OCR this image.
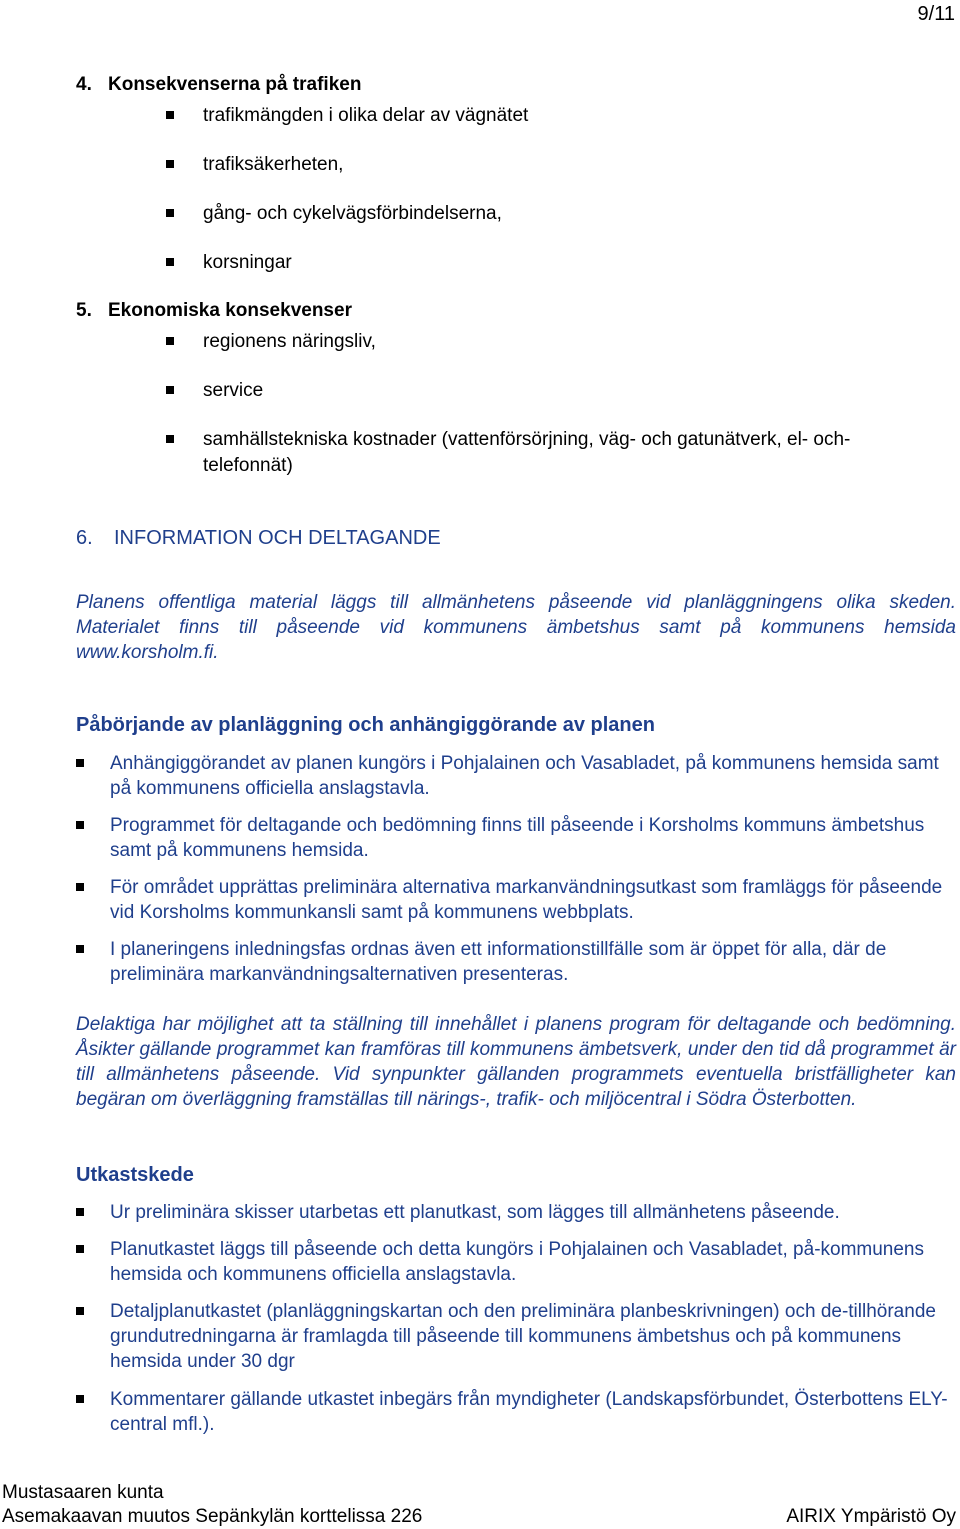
9/11
4. Konsekvenserna på trafiken
trafikmängden i olika delar av vägnätet
trafiksäkerheten,
gång- och cykelvägsförbindelserna,
korsningar
5. Ekonomiska konsekvenser
regionens näringsliv,
service
samhällstekniska kostnader (vattenförsörjning, väg- och gatunätverk, el- och-
telefonnät)
6. INFORMATION OCH DELTAGANDE

Planens offentliga material läggs till allmänhetens påseende vid planläggningens olika skeden. Materialet finns till påseende vid kommunens ämbetshus samt på kommunens hemsida www.korsholm.fi.

Påbörjande av planläggning och anhängiggörande av planen
Anhängiggörandet av planen kungörs i Pohjalainen och Vasabladet, på kommunens hemsida samt på kommunens officiella anslagstavla.
Programmet för deltagande och bedömning finns till påseende i Korsholms kommuns ämbetshus samt på kommunens hemsida.
För området upprättas preliminära alternativa markanvändningsutkast som framläggs för påseende vid Korsholms kommunkansli samt på kommunens webbplats.
I planeringens inledningsfas ordnas även ett informationstillfälle som är öppet för alla, där de preliminära markanvändningsalternativen presenteras.

Delaktiga har möjlighet att ta ställning till innehållet i planens program för deltagande och bedömning. Åsikter gällande programmet kan framföras till kommunens ämbetsverk, under den tid då programmet är till allmänhetens påseende. Vid synpunkter gällanden programmets eventuella bristfälligheter kan begäran om överläggning framställas till närings-, trafik- och miljöcentral i Södra Österbotten.

Utkastskede
Ur preliminära skisser utarbetas ett planutkast, som lägges till allmänhetens påseende.
Planutkastet läggs till påseende och detta kungörs i Pohjalainen och Vasabladet, på-kommunens hemsida och kommunens officiella anslagstavla.
Detaljplanutkastet (planläggningskartan och den preliminära planbeskrivningen) och de-tillhörande grundutredningarna är framlagda till påseende till kommunens ämbetshus och på kommunens hemsida under 30 dgr
Kommentarer gällande utkastet inbegärs från myndigheter (Landskapsförbundet, Österbottens ELY-central mfl.).
Mustasaaren kunta
Asemakaavan muutos Sepänkylän korttelissa 226	AIRIX Ympäristö Oy
